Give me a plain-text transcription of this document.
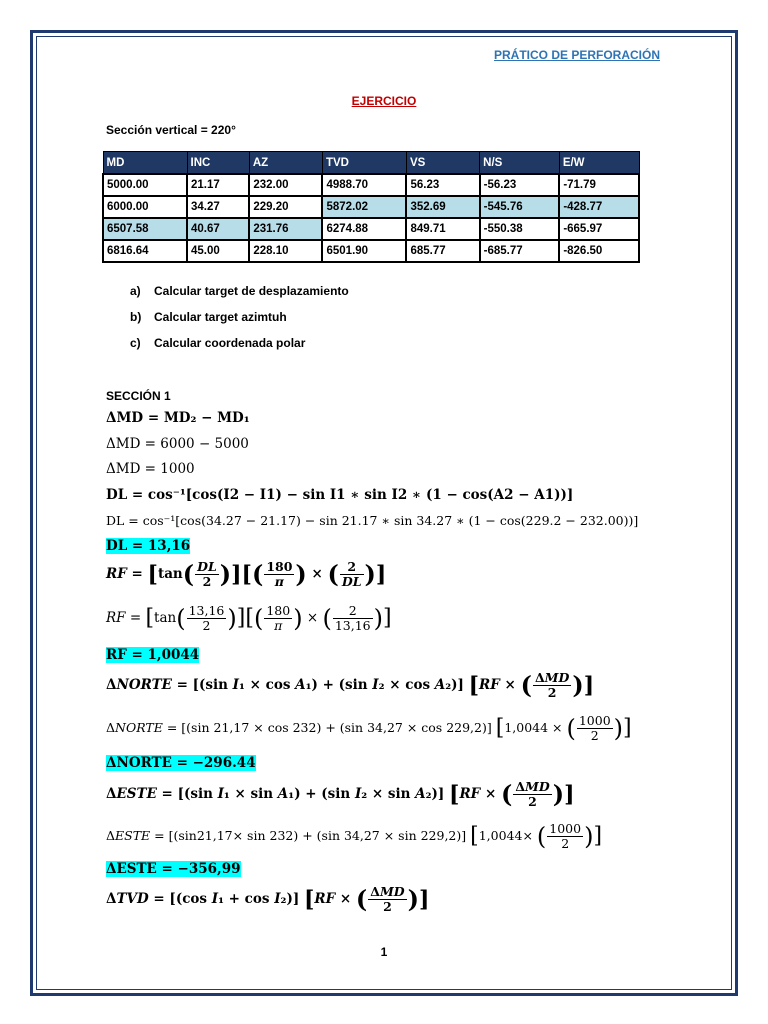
PRÁTICO DE PERFORACIÓN
EJERCICIO
Sección vertical = 220°
MD	INC	AZ	TVD	VS	N/S	E/W
5000.00	21.17	232.00	4988.70	56.23	-56.23	-71.79
6000.00	34.27	229.20	5872.02	352.69	-545.76	-428.77
6507.58	40.67	231.76	6274.88	849.71	-550.38	-665.97
6816.64	45.00	228.10	6501.90	685.77	-685.77	-826.50
a)	Calcular target de desplazamiento
b)	Calcular target azimtuh
c)	Calcular coordenada polar
SECCIÓN 1
ΔMD = MD₂ − MD₁
ΔMD = 6000 − 5000
ΔMD = 1000
DL = cos⁻¹[cos(I2 − I1) − sin I1 ∗ sin I2 ∗ (1 − cos(A2 − A1))]
DL = cos⁻¹[cos(34.27 − 21.17) − sin 21.17 ∗ sin 34.27 ∗ (1 − cos(229.2 − 232.00))]
DL = 13,16
RF = [$\tan( \frac{DL}{2}$ )][( $\frac{180}{\pi}$ ) × ( $\frac{2}{DL}$ )]
RF = [$\tan( \frac{13,16}{2}$ )][( $\frac{180}{\pi}$ ) × ( $\frac{2}{13,16}$ )]
RF = 1,0044
ΔNORTE = [(sin I₁ × cos A₁) + (sin I₂ × cos A₂)] [RF × ( $\frac{\text{ΔMD}}{2}$ )]
ΔNORTE = [(sin 21,17 × cos 232) + (sin 34,27 × cos 229,2)] [1,0044 × ( $\frac{1000}{2}$ )]
ΔNORTE = −296.44
ΔESTE = [(sin I₁ × sin A₁) + (sin I₂ × sin A₂)] [RF × ( $\frac{\text{ΔMD}}{2}$ )]
ΔESTE = [(sin21,17× sin 232) + (sin 34,27 × sin 229,2)] [1,0044× ( $\frac{1000}{2}$ )]
ΔESTE = −356,99
ΔTVD = [(cos I₁ + cos I₂)] [RF × ( $\frac{\text{ΔMD}}{2}$ )]
1
